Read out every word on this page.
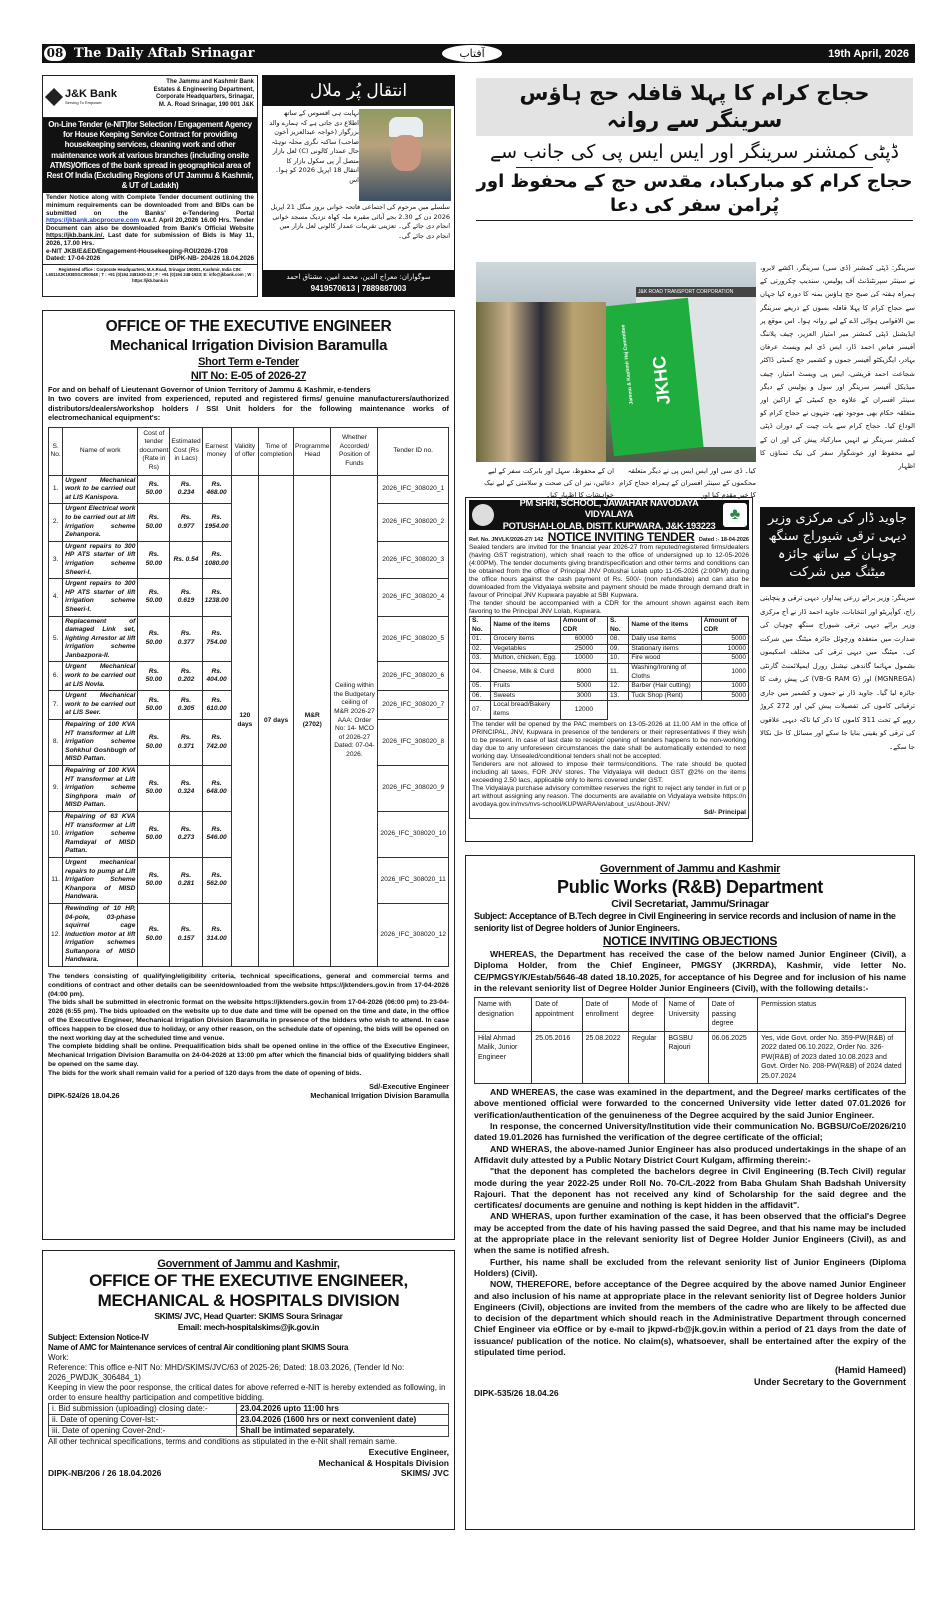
08 The Daily Aftab Srinagar	آفتاب	19th April, 2026
J&K Bank
Serving To Empower
The Jammu and Kashmir Bank
Estates & Engineering Department,
Corporate Headquarters, Srinagar,
M. A. Road Srinagar, 190 001 J&K
On-Line Tender (e-NIT)for Selection / Engagement Agency for House Keeping Service Contract for providing housekeeping services, cleaning work and other maintenance work at various branches (including onsite ATMS)/Offices of the bank spread in geographical area of Rest Of India (Excluding Regions of UT Jammu & Kashmir, & UT of Ladakh)
Tender Notice along with Complete Tender document outlining the minimum requirements can be downloaded from and BIDs can be submitted on the Banks' e-Tendering Portal https://jkbank.abcprocure.com w.e.f. April 20,2026 16.00 Hrs. Tender Document can also be downloaded from Bank's Official Website https://jkb.bank.in/. Last date for submission of Bids is May 11, 2026, 17.00 Hrs.
e-NIT JKB/E&ED/Engagement-Housekeeping-ROI/2026-1708
Dated: 17-04-2026	DIPK-NB- 204/26 18.04.2026
Registered office : Corporate Headquarters, M.A.Road, Srinagar 190001, Kashmir, India CIN: L65110JK1938SGC000048 ; T : +91 (0)194 2481930-33 ; F : +91 (0)194 248-1923; E: info@jkbank.com ; W : https://jkb.bank.in
انتقال پُر ملال
نہایت ہی افسوس کے ساتھ اطلاع دی جاتی ہے کہ ہمارے والد بزرگوار (خواجہ عبدالعزیز آخون صاحب) ساکنہ نگری محلہ نوہٹہ حال عمدار کالونی (C) لعل بازار متصل آر پی سکول بازار کا انتقال 18 اپریل 2026 کو ہوا۔ اس
سلسلے میں مرحوم کی اجتماعی فاتحہ خوانی بروز منگل 21 اپریل 2026 دن کے 2.30 بجے آبائی مقبرہ ملہ کھاہ نزدیک مسجد خوانی انجام دی جائے گی۔ تعزیتی تقریبات عمدار کالونی لعل بازار میں انجام دی جائے گی۔
سوگواران: معراج الدین، محمد امین، مشتاق احمد
9419570613 | 7889887003
حجاج کرام کا پہلا قافلہ حج ہاؤس سرینگر سے روانہ
ڈپٹی کمشنر سرینگر اور ایس ایس پی کی جانب سے
حجاج کرام کو مبارکباد، مقدس حج کے محفوظ اور پُرامن سفر کی دعا
J&K ROAD TRANSPORT CORPORATION
JKHC
Jammu & Kashmir Haj Committee
سرینگر: ڈپٹی کمشنر (ڈی سی) سرینگر، اکشے لابرو، نے سینئر سپرنٹنڈنٹ آف پولیس، سندیپ چکرورتی کے ہمراہ ہفتہ کی صبح حج ہاؤس بمنہ کا دورہ کیا جہاں سے حجاج کرام کا پہلا قافلہ بسوں کے ذریعے سرینگر بین الاقوامی ہوائی اڈے کے لیے روانہ ہوا۔ اس موقع پر ایڈیشنل ڈپٹی کمشنر میر امتیاز العزیز، چیف پلاننگ آفیسر فیاض احمد ڈار، ایس ڈی ایم ویسٹ عرفان بہادر، ایگزیکٹو آفیسر جموں و کشمیر حج کمیٹی ڈاکٹر شجاعت احمد قریشی، ایس پی ویسٹ امتیاز، چیف میڈیکل آفیسر سرینگر اور سول و پولیس کے دیگر سینئر افسران کے علاوہ حج کمیٹی کے اراکین اور متعلقہ حکام بھی موجود تھے، جنہوں نے حجاج کرام کو الوداع کیا۔ حجاج کرام سے بات چیت کے دوران ڈپٹی کمشنر سرینگر نے انہیں مبارکباد پیش کی اور ان کے لیے محفوظ اور خوشگوار سفر کی نیک تمناؤں کا اظہار
کیا۔ ڈی سی اور ایس ایس پی نے دیگر متعلقہ محکموں کے سینئر افسران کے ہمراہ حجاج کرام کا خیر مقدم کیا اور
ان کے محفوظ، سہل اور بابرکت سفر کے لیے دعائیں، نیز ان کی صحت و سلامتی کے لیے نیک خواہشات کا اظہار کیا۔
OFFICE OF THE EXECUTIVE ENGINEER
Mechanical Irrigation Division Baramulla
Short Term e-Tender
NIT No: E-05 of 2026-27
For and on behalf of Lieutenant Governor of Union Territory of Jammu & Kashmir, e-tenders
In two covers are invited from experienced, reputed and registered firms/ genuine manufacturers/authorized distributors/dealers/workshop holders / SSI Unit holders for the following maintenance works of electromechanical equipment's:
S. No.	Name of work	Cost of tender document (Rate in Rs)	Estimated Cost (Rs in Lacs)	Earnest money	Validity of offer	Time of completion	Programme Head	Whether Accorded/ Position of Funds	Tender ID no.
1.	Urgent Mechanical work to be carried out at LIS Kanispora.	Rs. 50.00	Rs. 0.234	Rs. 468.00	120 days	07 days	M&R (2702)	Ceiling within the Budgetary ceiling of M&R 2026-27 AAA: Order No: 14- MCO of 2026-27 Dated: 07-04-2026.	2026_IFC_308020_1
2.	Urgent Electrical work to be carried out at lift irrigation scheme Zehanpora.	Rs. 50.00	Rs. 0.977	Rs. 1954.00					2026_IFC_308020_2
3.	Urgent repairs to 300 HP ATS starter of lift irrigation scheme Sheeri-I.	Rs. 50.00	Rs. 0.54	Rs. 1080.00					2026_IFC_308020_3
4.	Urgent repairs to 300 HP ATS starter of lift irrigation scheme Sheeri-I.	Rs. 50.00	Rs. 0.619	Rs. 1238.00					2026_IFC_308020_4
5.	Replacement of damaged Link set, lighting Arrestor at lift irrigation scheme Janbazpora-II.	Rs. 50.00	Rs. 0.377	Rs. 754.00					2026_IFC_308020_5
6.	Urgent Mechanical work to be carried out at LIS Novla.	Rs. 50.00	Rs. 0.202	Rs. 404.00					2026_IFC_308020_6
7.	Urgent Mechanical work to be carried out at LIS Seer.	Rs. 50.00	Rs. 0.305	Rs. 610.00					2026_IFC_308020_7
8.	Repairing of 100 KVA HT transformer at Lift irrigation scheme Sohkhul Goshbugh of MISD Pattan.	Rs. 50.00	Rs. 0.371	Rs. 742.00					2026_IFC_308020_8
9.	Repairing of 100 KVA HT transformer at Lift irrigation scheme Singhpora main of MISD Pattan.	Rs. 50.00	Rs. 0.324	Rs. 648.00					2026_IFC_308020_9
10.	Repairing of 63 KVA HT transformer at Lift irrigation scheme Ramdayal of MISD Pattan.	Rs. 50.00	Rs. 0.273	Rs. 546.00					2026_IFC_308020_10
11.	Urgent mechanical repairs to pump at Lift Irrigation Scheme Khanpora of MISD Handwara.	Rs. 50.00	Rs. 0.281	Rs. 562.00					2026_IFC_308020_11
12.	Rewinding of 10 HP, 04-pole, 03-phase squirrel cage induction motor at lift irrigation schemes Sultanpora of MISD Handwara.	Rs. 50.00	Rs. 0.157	Rs. 314.00					2026_IFC_308020_12
The tenders consisting of qualifying/eligibility criteria, technical specifications, general and commercial terms and conditions of contract and other details can be seen/downloaded from the website https://jktenders.gov.in from 17-04-2026 (04:00 pm).
The bids shall be submitted in electronic format on the website https://jktenders.gov.in from 17-04-2026 (06:00 pm) to 23-04-2026 (6:55 pm). The bids uploaded on the website up to due date and time will be opened on the time and date, in the office of the Executive Engineer, Mechanical Irrigation Division Baramulla in presence of the bidders who wish to attend. In case offices happen to be closed due to holiday, or any other reason, on the schedule date of opening, the bids will be opened on the next working day at the scheduled time and venue.
The complete bidding shall be online. Prequalification bids shall be opened online in the office of the Executive Engineer, Mechanical Irrigation Division Baramulla on 24-04-2026 at 13:00 pm after which the financial bids of qualifying bidders shall be opened on the same day.
The bids for the work shall remain valid for a period of 120 days from the date of opening of bids.
Sd/-Executive Engineer
DIPK-524/26 18.04.26	Mechanical Irrigation Division Baramulla
Government of Jammu and Kashmir,
OFFICE OF THE EXECUTIVE ENGINEER,
MECHANICAL & HOSPITALS DIVISION
SKIMS/ JVC, Head Quarter: SKIMS Soura Srinagar
Email: mech-hospitalskims@jk.gov.in
Subject: Extension Notice-IV
Name of AMC for Maintenance services of central Air conditioning plant SKIMS Soura
Work:
Reference: This office e-NIT No: MHD/SKIMS/JVC/63 of 2025-26; Dated: 18.03.2026, (Tender Id No: 2026_PWDJK_306484_1)
Keeping in view the poor response, the critical dates for above referred e-NIT is hereby extended as following, in order to ensure healthy participation and competitive bidding.
i. Bid submission (uploading) closing date:-	23.04.2026 upto 11:00 hrs
ii. Date of opening Cover-Ist:-	23.04.2026 (1600 hrs or next convenient date)
iii. Date of opening Cover-2nd:-	Shall be intimated separately.
All other technical specifications, terms and conditions as stipulated in the e-Nit shall remain same.
Executive Engineer,
Mechanical & Hospitals Division
DIPK-NB/206 / 26 18.04.2026	SKIMS/ JVC
PM SHRI, SCHOOL, JAWAHAR NAVODAYA VIDYALAYA
POTUSHAI-LOLAB, DISTT. KUPWARA, J&K-193223
♣
Ref. No. JNVLK/2026-27/ 142 NOTICE INVITING TENDER Dated :- 18-04-2026
Sealed tenders are invited for the financial year 2026-27 from reputed/registered firms/dealers (having GST registration), which shall reach to the office of undersigned up to 12-05-2026 (4:00PM). The tender documents giving brand/specification and other terms and conditions can be obtained from the office of Principal JNV Potushai Lolab upto 11-05-2026 (2:00PM) during the office hours against the cash payment of Rs. 500/- (non refundable) and can also be downloaded from the Vidyalaya website and payment should be made through demand draft in favour of Principal JNV Kupwara payable at SBI Kupwara.
The tender should be accompanied with a CDR for the amount shown against each item favoring to the Principal JNV Lolab, Kupwara.
S. No.	Name of the items	Amount of CDR	S. No.	Name of the items	Amount of CDR
01.	Grocery items	60000	08.	Daily use items	5000
02.	Vegetables	25000	09.	Stationary items	10000
03.	Mutton, chicken, Egg.	10000	10.	Fire wood	5000
04.	Cheese, Milk & Curd	8000	11.	Washing/Ironing of Cloths	1000
05.	Fruits	5000	12.	Barber (Hair cutting)	1000
06.	Sweets	3000	13.	Tuck Shop (Rent)	5000
07.	Local bread/Bakery items	12000			
The tender will be opened by the PAC members on 13-05-2026 at 11.00 AM in the office of PRINCIPAL, JNV, Kupwara in presence of the tenderers or their representatives if they wish to be present. In case of last date to receipt/ opening of tenders happens to be non-working day due to any unforeseen circumstances the date shall be automatically extended to next working day. Unsealed/conditional tenders shall not be accepted.
Tenderers are not allowed to impose their terms/conditions. The rate should be quoted including all taxes, FOR JNV stores. The Vidyalaya will deduct GST @2% on the items exceeding 2.50 lacs, applicable only to items covered under GST.
The Vidyalaya purchase advisory committee reserves the right to reject any tender in full or part without assigning any reason. The documents are available on Vidyalaya website https://navodaya.gov.in/nvs/nvs-school/KUPWARA/en/about_us/About-JNV/
Sd/- Principal
جاوید ڈار کی مرکزی وزیر دیہی ترقی شیوراج سنگھ چوہان کے ساتھ جائزہ میٹنگ میں شرکت
سرینگر: وزیر برائے زرعی پیداوار، دیہی ترقی و پنچایتی راج، کوآپریٹو اور انتخابات، جاوید احمد ڈار نے آج مرکزی وزیر برائے دیہی ترقی شیوراج سنگھ چوہان کی صدارت میں منعقدہ ورچوئل جائزہ میٹنگ میں شرکت کی۔ میٹنگ میں دیہی ترقی کی مختلف اسکیموں بشمول مہاتما گاندھی نیشنل رورل ایمپلائمنٹ گارنٹی (MGNREGA) اور (VB-G RAM G) کی پیش رفت کا جائزہ لیا گیا۔ جاوید ڈار نے جموں و کشمیر میں جاری ترقیاتی کاموں کی تفصیلات پیش کیں اور 272 کروڑ روپے کے تحت 311 کاموں کا ذکر کیا تاکہ دیہی علاقوں کی ترقی کو یقینی بنایا جا سکے اور مسائل کا حل نکالا جا سکے۔
Government of Jammu and Kashmir
Public Works (R&B) Department
Civil Secretariat, Jammu/Srinagar
Subject: Acceptance of B.Tech degree in Civil Engineering in service records and inclusion of name in the seniority list of Degree holders of Junior Engineers.
NOTICE INVITING OBJECTIONS

WHEREAS, the Department has received the case of the below named Junior Engineer (Civil), a Diploma Holder, from the Chief Engineer, PMGSY (JKRRDA), Kashmir, vide letter No. CE/PMGSY/K/Estab/5646-48 dated 18.10.2025, for acceptance of his Degree and for inclusion of his name in the relevant seniority list of Degree Holder Junior Engineers (Civil), with the following details:-

Name with designation	Date of appointment	Date of enrollment	Mode of degree	Name of University	Date of passing degree	Permission status
Hilal Ahmad Malik, Junior Engineer	25.05.2016	25.08.2022	Regular	BGSBU Rajouri	06.06.2025	Yes, vide Govt. order No. 359-PW(R&B) of 2022 dated 06.10.2022, Order No. 326-PW(R&B) of 2023 dated 10.08.2023 and Govt. Order No. 208-PW(R&B) of 2024 dated 25.07.2024

AND WHEREAS, the case was examined in the department, and the Degree/ marks certificates of the above mentioned official were forwarded to the concerned University vide letter dated 07.01.2026 for verification/authentication of the genuineness of the Degree acquired by the said Junior Engineer.

In response, the concerned University/Institution vide their communication No. BGBSU/CoE/2026/210 dated 19.01.2026 has furnished the verification of the degree certificate of the official;

AND WHERAS, the above-named Junior Engineer has also produced undertakings in the shape of an Affidavit duly attested by a Public Notary District Court Kulgam, affirming therein:-

"that the deponent has completed the bachelors degree in Civil Engineering (B.Tech Civil) regular mode during the year 2022-25 under Roll No. 70-C/L-2022 from Baba Ghulam Shah Badshah University Rajouri. That the deponent has not received any kind of Scholarship for the said degree and the certificates/ documents are genuine and nothing is kept hidden in the affidavit".

AND WHERAS, upon further examination of the case, it has been observed that the official's Degree may be accepted from the date of his having passed the said Degree, and that his name may be included at the appropriate place in the relevant seniority list of Degree Holder Junior Engineers (Civil), as and when the same is notified afresh.

Further, his name shall be excluded from the relevant seniority list of Junior Engineers (Diploma Holders) (Civil).

NOW, THEREFORE, before acceptance of the Degree acquired by the above named Junior Engineer and also inclusion of his name at appropriate place in the relevant seniority list of Degree holders Junior Engineers (Civil), objections are invited from the members of the cadre who are likely to be affected due to decision of the department which should reach in the Administrative Department through concerned Chief Engineer via eOffice or by e-mail to jkpwd-rb@jk.gov.in within a period of 21 days from the date of issuance/ publication of the notice. No claim(s), whatsoever, shall be entertained after the expiry of the stipulated time period.

(Hamid Hameed)
Under Secretary to the Government
DIPK-535/26 18.04.26
